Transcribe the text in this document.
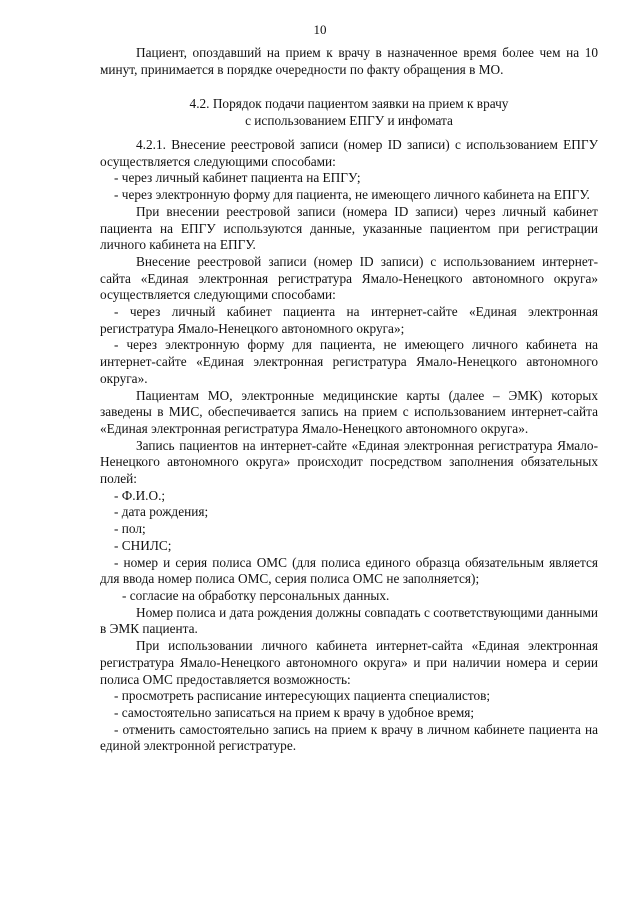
10

Пациент, опоздавший на прием к врачу в назначенное время более чем на 10 минут, принимается в порядке очередности по факту обращения в МО.

4.2. Порядок подачи пациентом заявки на прием к врачу

с использованием ЕПГУ и инфомата

4.2.1. Внесение реестровой записи (номер ID записи) с использованием ЕПГУ осуществляется следующими способами:

- через личный кабинет пациента на ЕПГУ;

- через электронную форму для пациента, не имеющего личного кабинета на ЕПГУ.

При внесении реестровой записи (номера ID записи) через личный кабинет пациента на ЕПГУ используются данные, указанные пациентом при регистрации личного кабинета на ЕПГУ.

Внесение реестровой записи (номер ID записи) с использованием интернет-сайта «Единая электронная регистратура Ямало-Ненецкого автономного округа» осуществляется следующими способами:

- через личный кабинет пациента на интернет-сайте «Единая электронная регистратура Ямало-Ненецкого автономного округа»;

- через электронную форму для пациента, не имеющего личного кабинета на интернет-сайте «Единая электронная регистратура Ямало-Ненецкого автономного округа».

Пациентам МО, электронные медицинские карты (далее – ЭМК) которых заведены в МИС, обеспечивается запись на прием с использованием интернет-сайта «Единая электронная регистратура Ямало-Ненецкого автономного округа».

Запись пациентов на интернет-сайте «Единая электронная регистратура Ямало-Ненецкого автономного округа» происходит посредством заполнения обязательных полей:

- Ф.И.О.;

- дата рождения;

- пол;

- СНИЛС;

- номер и серия полиса ОМС (для полиса единого образца обязательным является для ввода номер полиса ОМС, серия полиса ОМС не заполняется);

- согласие на обработку персональных данных.

Номер полиса и дата рождения должны совпадать с соответствующими данными в ЭМК пациента.

При использовании личного кабинета интернет-сайта «Единая электронная регистратура Ямало-Ненецкого автономного округа» и при наличии номера и серии полиса ОМС предоставляется возможность:

- просмотреть расписание интересующих пациента специалистов;

- самостоятельно записаться на прием к врачу в удобное время;

- отменить самостоятельно запись на прием к врачу в личном кабинете пациента на единой электронной регистратуре.
